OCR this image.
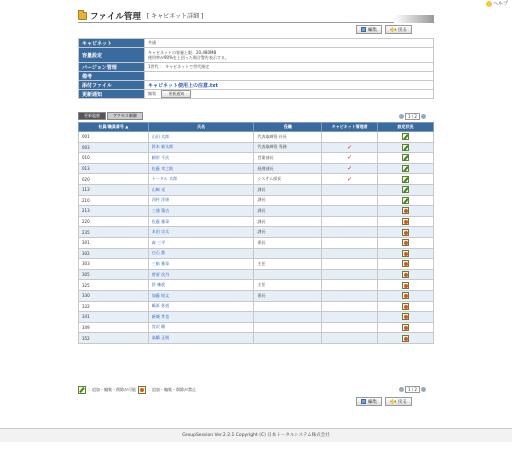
ヘルプ
ファイル管理 [ キャビネット詳細 ]
編集	戻る
キャビネット	共通
容量設定	キャビネットの容量上限：20,480MB
使用率が90%を上回った場合警告表示する。
バージョン管理	1世代 ： キャビネットで世代指定
備考	
添付ファイル	キャビネット使用上の注意.txt
更新通知	無効 更新通知
更新履歴	アクセス制御	1 / 2
社員/職員番号 ▲	氏名	役職	キャビネット管理者	設定状況
001	山田 太郎	代表取締役 社長		
003	鈴木 新太郎	代表取締役 専務	✓	
010	頼形 千次	営業部長	✓	
013	佐藤 幸之助	経理部長	✓	
020	トータル 太郎	システム部長	✓	
113	山崎 光	課長		
210	西村 洋康	課長		
213	三浦 築吉	課長		
220	佐藤 雅章	課長		
235	木田 宗太	課長		
301	森 三平	係長		
302	白石 都			
303	三船 雅章	主任		
305	曽原 次丹			
325	鈴 権波	主任		
330	加藤 昭文	係長		
332	嶋原 弥道			
341	新城 孝也			
349	宮沢 剛			
352	高橋 正則			
：追加・編集・削除が可能	：追加・編集・削除が禁止	1 / 2
編集	戻る
GroupSession Ver.2.2.1 Copyright (C) 日本トータルシステム株式会社
